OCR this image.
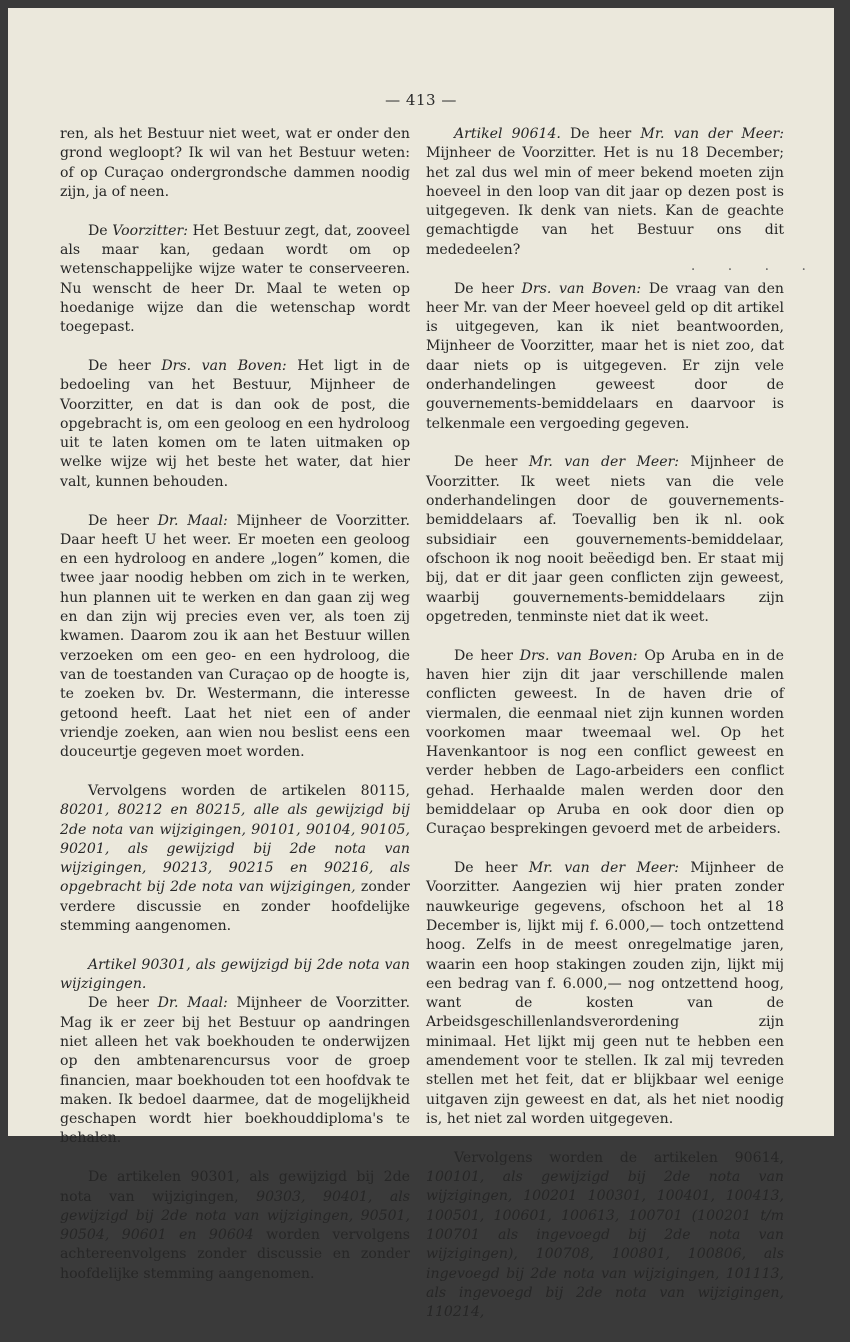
— 413 —

ren, als het Bestuur niet weet, wat er onder den grond wegloopt? Ik wil van het Bestuur weten: of op Curaçao ondergrondsche dammen noodig zijn, ja of neen.

De Voorzitter: Het Bestuur zegt, dat, zooveel als maar kan, gedaan wordt om op wetenschappelijke wijze water te conserveeren. Nu wenscht de heer Dr. Maal te weten op hoedanige wijze dan die wetenschap wordt toegepast.

De heer Drs. van Boven: Het ligt in de bedoeling van het Bestuur, Mijnheer de Voorzitter, en dat is dan ook de post, die opgebracht is, om een geoloog en een hydroloog uit te laten komen om te laten uitmaken op welke wijze wij het beste het water, dat hier valt, kunnen behouden.

De heer Dr. Maal: Mijnheer de Voorzitter. Daar heeft U het weer. Er moeten een geoloog en een hydroloog en andere „logen” komen, die twee jaar noodig hebben om zich in te werken, hun plannen uit te werken en dan gaan zij weg en dan zijn wij precies even ver, als toen zij kwamen. Daarom zou ik aan het Bestuur willen verzoeken om een geo- en een hydroloog, die van de toestanden van Curaçao op de hoogte is, te zoeken bv. Dr. Westermann, die interesse getoond heeft. Laat het niet een of ander vriendje zoeken, aan wien nou beslist eens een douceurtje gegeven moet worden.

Vervolgens worden de artikelen 80115, 80201, 80212 en 80215, alle als gewijzigd bij 2de nota van wijzigingen, 90101, 90104, 90105, 90201, als gewijzigd bij 2de nota van wijzigingen, 90213, 90215 en 90216, als opgebracht bij 2de nota van wijzigingen, zonder verdere discussie en zonder hoofdelijke stemming aangenomen.

Artikel 90301, als gewijzigd bij 2de nota van wijzigingen.

De heer Dr. Maal: Mijnheer de Voorzitter. Mag ik er zeer bij het Bestuur op aandringen niet alleen het vak boekhouden te onderwijzen op den ambtenarencursus voor de groep financien, maar boekhouden tot een hoofdvak te maken. Ik bedoel daarmee, dat de mogelijkheid geschapen wordt hier boekhouddiploma's te behalen.

De artikelen 90301, als gewijzigd bij 2de nota van wijzigingen, 90303, 90401, als gewijzigd bij 2de nota van wijzigingen, 90501, 90504, 90601 en 90604 worden vervolgens achtereenvolgens zonder discussie en zonder hoofdelijke stemming aangenomen.

Artikel 90614. De heer Mr. van der Meer: Mijnheer de Voorzitter. Het is nu 18 December; het zal dus wel min of meer bekend moeten zijn hoeveel in den loop van dit jaar op dezen post is uitgegeven. Ik denk van niets. Kan de geachte gemachtigde van het Bestuur ons dit mededeelen?

De heer Drs. van Boven: De vraag van den heer Mr. van der Meer hoeveel geld op dit artikel is uitgegeven, kan ik niet beantwoorden, Mijnheer de Voorzitter, maar het is niet zoo, dat daar niets op is uitgegeven. Er zijn vele onderhandelingen geweest door de gouvernements-bemiddelaars en daarvoor is telkenmale een vergoeding gegeven.

De heer Mr. van der Meer: Mijnheer de Voorzitter. Ik weet niets van die vele onderhandelingen door de gouvernements-bemiddelaars af. Toevallig ben ik nl. ook subsidiair een gouvernements-bemiddelaar, ofschoon ik nog nooit beëedigd ben. Er staat mij bij, dat er dit jaar geen conflicten zijn geweest, waarbij gouvernements-bemiddelaars zijn opgetreden, tenminste niet dat ik weet.

De heer Drs. van Boven: Op Aruba en in de haven hier zijn dit jaar verschillende malen conflicten geweest. In de haven drie of viermalen, die eenmaal niet zijn kunnen worden voorkomen maar tweemaal wel. Op het Havenkantoor is nog een conflict geweest en verder hebben de Lago-arbeiders een conflict gehad. Herhaalde malen werden door den bemiddelaar op Aruba en ook door dien op Curaçao besprekingen gevoerd met de arbeiders.

De heer Mr. van der Meer: Mijnheer de Voorzitter. Aangezien wij hier praten zonder nauwkeurige gegevens, ofschoon het al 18 December is, lijkt mij f. 6.000,— toch ontzettend hoog. Zelfs in de meest onregelmatige jaren, waarin een hoop stakingen zouden zijn, lijkt mij een bedrag van f. 6.000,— nog ontzettend hoog, want de kosten van de Arbeidsgeschillenlandsverordening zijn minimaal. Het lijkt mij geen nut te hebben een amendement voor te stellen. Ik zal mij tevreden stellen met het feit, dat er blijkbaar wel eenige uitgaven zijn geweest en dat, als het niet noodig is, het niet zal worden uitgegeven.

Vervolgens worden de artikelen 90614, 100101, als gewijzigd bij 2de nota van wijzigingen, 100201 100301, 100401, 100413, 100501, 100601, 100613, 100701 (100201 t/m 100701 als ingevoegd bij 2de nota van wijzigingen), 100708, 100801, 100806, als ingevoegd bij 2de nota van wijzigingen, 101113, als ingevoegd bij 2de nota van wijzigingen, 110214,

. . . .
